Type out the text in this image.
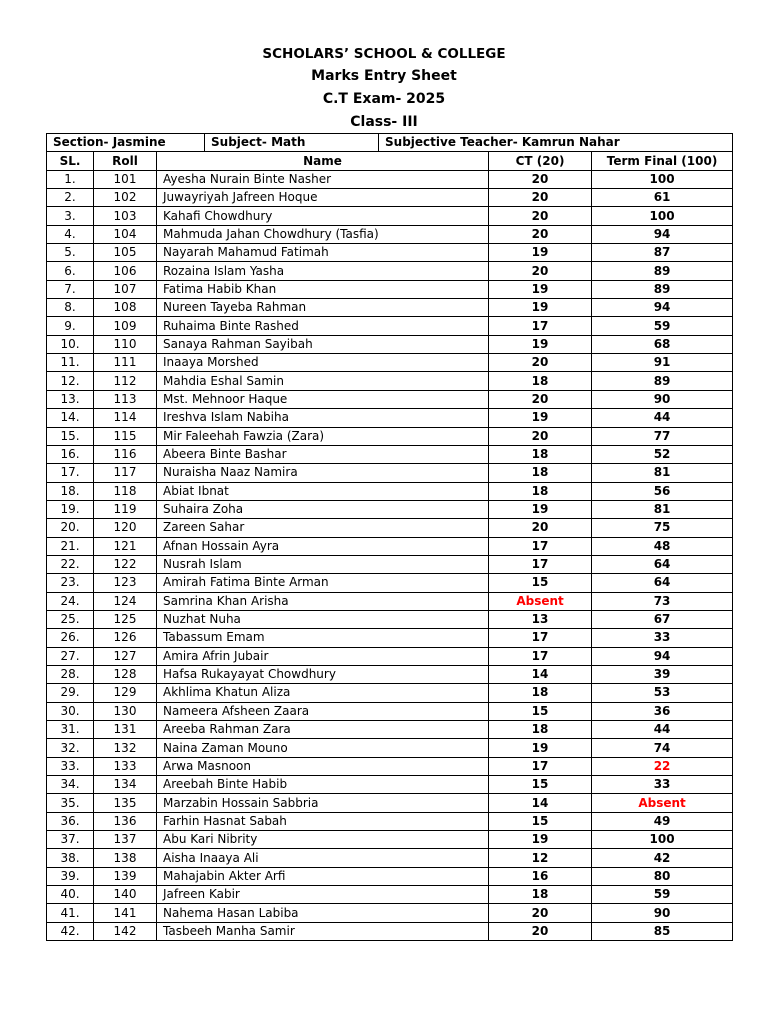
SCHOLARS’ SCHOOL & COLLEGE
Marks Entry Sheet
C.T Exam- 2025
Class- III
Section- Jasmine			Subject- Math	Subjective Teacher- Kamrun Nahar		
SL.	Roll	Name			CT (20)	Term Final (100)
1.	101	Ayesha Nurain Binte Nasher			20	100
2.	102	Juwayriyah Jafreen Hoque			20	61
3.	103	Kahafi Chowdhury			20	100
4.	104	Mahmuda Jahan Chowdhury (Tasfia)			20	94
5.	105	Nayarah Mahamud Fatimah			19	87
6.	106	Rozaina Islam Yasha			20	89
7.	107	Fatima Habib Khan			19	89
8.	108	Nureen Tayeba Rahman			19	94
9.	109	Ruhaima Binte Rashed			17	59
10.	110	Sanaya Rahman Sayibah			19	68
11.	111	Inaaya Morshed			20	91
12.	112	Mahdia Eshal Samin			18	89
13.	113	Mst. Mehnoor Haque			20	90
14.	114	Ireshva Islam Nabiha			19	44
15.	115	Mir Faleehah Fawzia (Zara)			20	77
16.	116	Abeera Binte Bashar			18	52
17.	117	Nuraisha Naaz Namira			18	81
18.	118	Abiat Ibnat			18	56
19.	119	Suhaira Zoha			19	81
20.	120	Zareen Sahar			20	75
21.	121	Afnan Hossain Ayra			17	48
22.	122	Nusrah Islam			17	64
23.	123	Amirah Fatima Binte Arman			15	64
24.	124	Samrina Khan Arisha			Absent	73
25.	125	Nuzhat Nuha			13	67
26.	126	Tabassum Emam			17	33
27.	127	Amira Afrin Jubair			17	94
28.	128	Hafsa Rukayayat Chowdhury			14	39
29.	129	Akhlima Khatun Aliza			18	53
30.	130	Nameera Afsheen Zaara			15	36
31.	131	Areeba Rahman Zara			18	44
32.	132	Naina Zaman Mouno			19	74
33.	133	Arwa Masnoon			17	22
34.	134	Areebah Binte Habib			15	33
35.	135	Marzabin Hossain Sabbria			14	Absent
36.	136	Farhin Hasnat Sabah			15	49
37.	137	Abu Kari Nibrity			19	100
38.	138	Aisha Inaaya Ali			12	42
39.	139	Mahajabin Akter Arfi			16	80
40.	140	Jafreen Kabir			18	59
41.	141	Nahema Hasan Labiba			20	90
42.	142	Tasbeeh Manha Samir			20	85
